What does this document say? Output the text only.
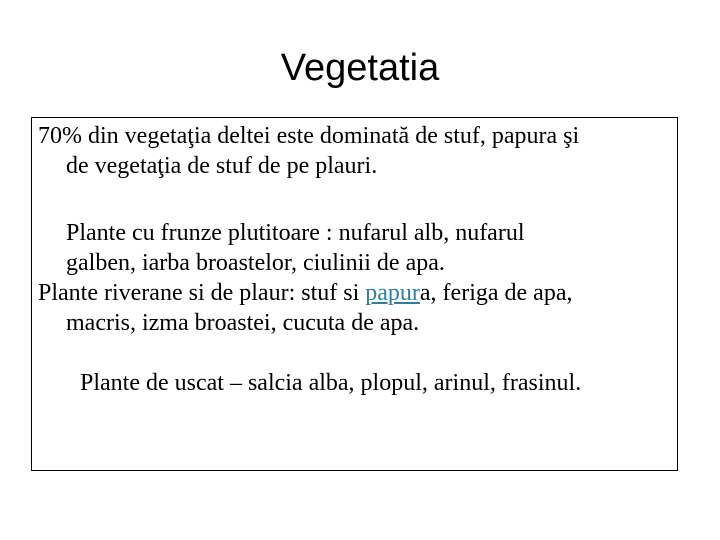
Vegetatia
70% din vegetaţia deltei este dominată de stuf, papura şi
de vegetaţia de stuf de pe plauri.
Plante cu frunze plutitoare : nufarul alb, nufarul
galben, iarba broastelor, ciulinii de apa.
Plante riverane si de plaur: stuf si papura, feriga de apa,
macris, izma broastei, cucuta de apa.

Plante de uscat – salcia alba, plopul, arinul, frasinul.
